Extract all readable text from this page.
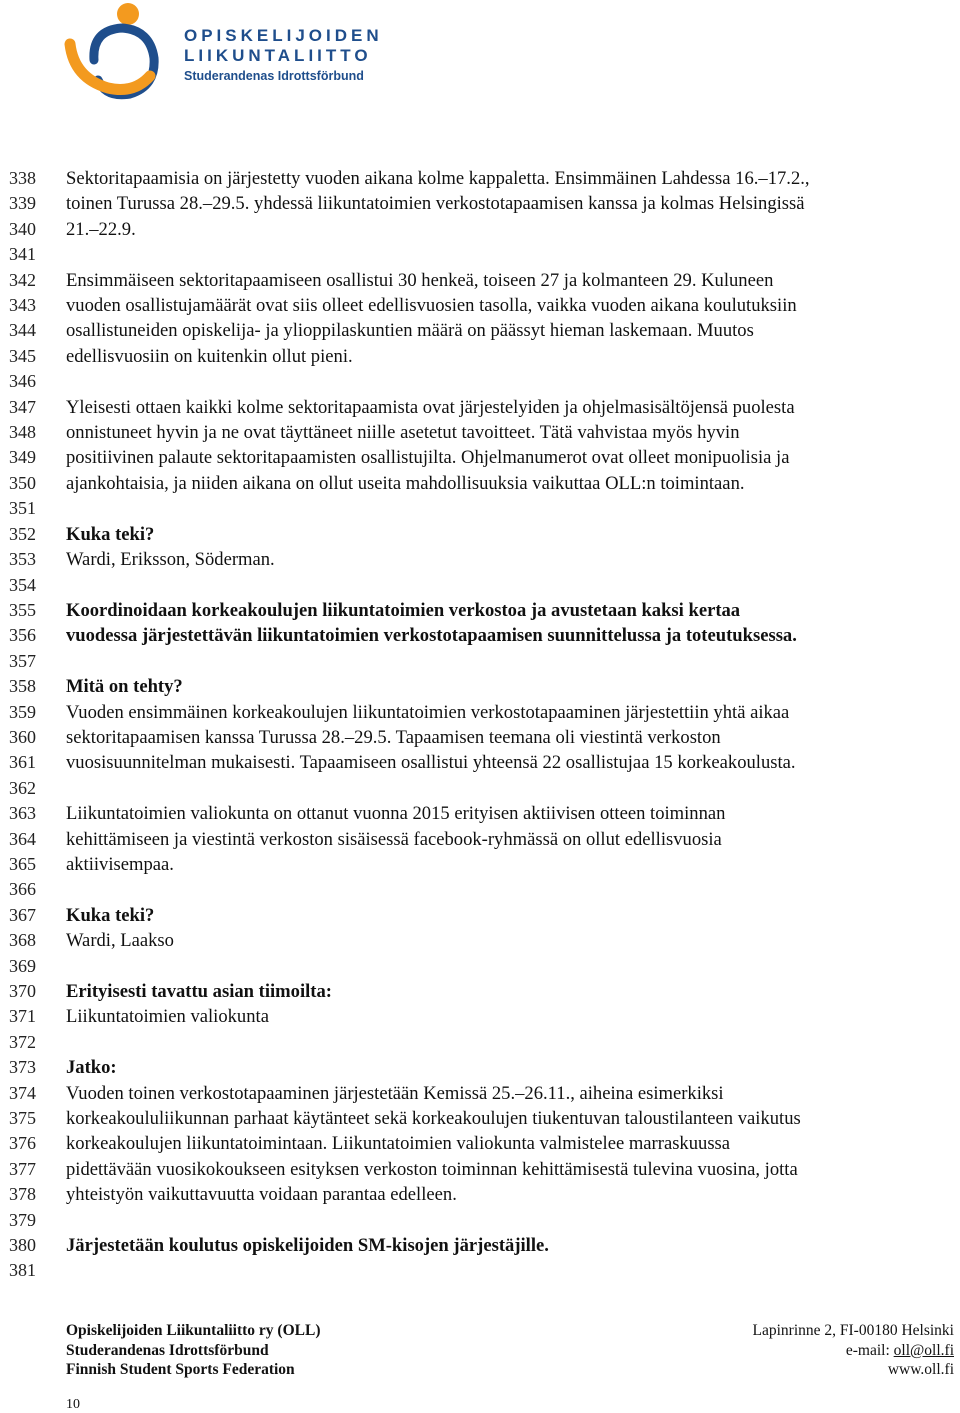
OPISKELIJOIDEN
LIIKUNTALIITTO
Studerandenas Idrottsförbund
338
339
340
341
342
343
344
345
346
347
348
349
350
351
352
353
354
355
356
357
358
359
360
361
362
363
364
365
366
367
368
369
370
371
372
373
374
375
376
377
378
379
380
381
Sektoritapaamisia on järjestetty vuoden aikana kolme kappaletta. Ensimmäinen Lahdessa 16.–17.2.,
toinen Turussa 28.–29.5. yhdessä liikuntatoimien verkostotapaamisen kanssa ja kolmas Helsingissä
21.–22.9.
Ensimmäiseen sektoritapaamiseen osallistui 30 henkeä, toiseen 27 ja kolmanteen 29. Kuluneen
vuoden osallistujamäärät ovat siis olleet edellisvuosien tasolla, vaikka vuoden aikana koulutuksiin
osallistuneiden opiskelija- ja ylioppilaskuntien määrä on päässyt hieman laskemaan. Muutos
edellisvuosiin on kuitenkin ollut pieni.
Yleisesti ottaen kaikki kolme sektoritapaamista ovat järjestelyiden ja ohjelmasisältöjensä puolesta
onnistuneet hyvin ja ne ovat täyttäneet niille asetetut tavoitteet. Tätä vahvistaa myös hyvin
positiivinen palaute sektoritapaamisten osallistujilta. Ohjelmanumerot ovat olleet monipuolisia ja
ajankohtaisia, ja niiden aikana on ollut useita mahdollisuuksia vaikuttaa OLL:n toimintaan.
Kuka teki?
Wardi, Eriksson, Söderman.
Koordinoidaan korkeakoulujen liikuntatoimien verkostoa ja avustetaan kaksi kertaa
vuodessa järjestettävän liikuntatoimien verkostotapaamisen suunnittelussa ja toteutuksessa.
Mitä on tehty?
Vuoden ensimmäinen korkeakoulujen liikuntatoimien verkostotapaaminen järjestettiin yhtä aikaa
sektoritapaamisen kanssa Turussa 28.–29.5. Tapaamisen teemana oli viestintä verkoston
vuosisuunnitelman mukaisesti. Tapaamiseen osallistui yhteensä 22 osallistujaa 15 korkeakoulusta.
Liikuntatoimien valiokunta on ottanut vuonna 2015 erityisen aktiivisen otteen toiminnan
kehittämiseen ja viestintä verkoston sisäisessä facebook-ryhmässä on ollut edellisvuosia
aktiivisempaa.
Kuka teki?
Wardi, Laakso
Erityisesti tavattu asian tiimoilta:
Liikuntatoimien valiokunta
Jatko:
Vuoden toinen verkostotapaaminen järjestetään Kemissä 25.–26.11., aiheina esimerkiksi
korkeakoululiikunnan parhaat käytänteet sekä korkeakoulujen tiukentuvan taloustilanteen vaikutus
korkeakoulujen liikuntatoimintaan. Liikuntatoimien valiokunta valmistelee marraskuussa
pidettävään vuosikokoukseen esityksen verkoston toiminnan kehittämisestä tulevina vuosina, jotta
yhteistyön vaikuttavuutta voidaan parantaa edelleen.
Järjestetään koulutus opiskelijoiden SM-kisojen järjestäjille.
Opiskelijoiden Liikuntaliitto ry (OLL)
Studerandenas Idrottsförbund
Finnish Student Sports Federation
Lapinrinne 2, FI-00180 Helsinki
e-mail: oll@oll.fi
www.oll.fi
10
